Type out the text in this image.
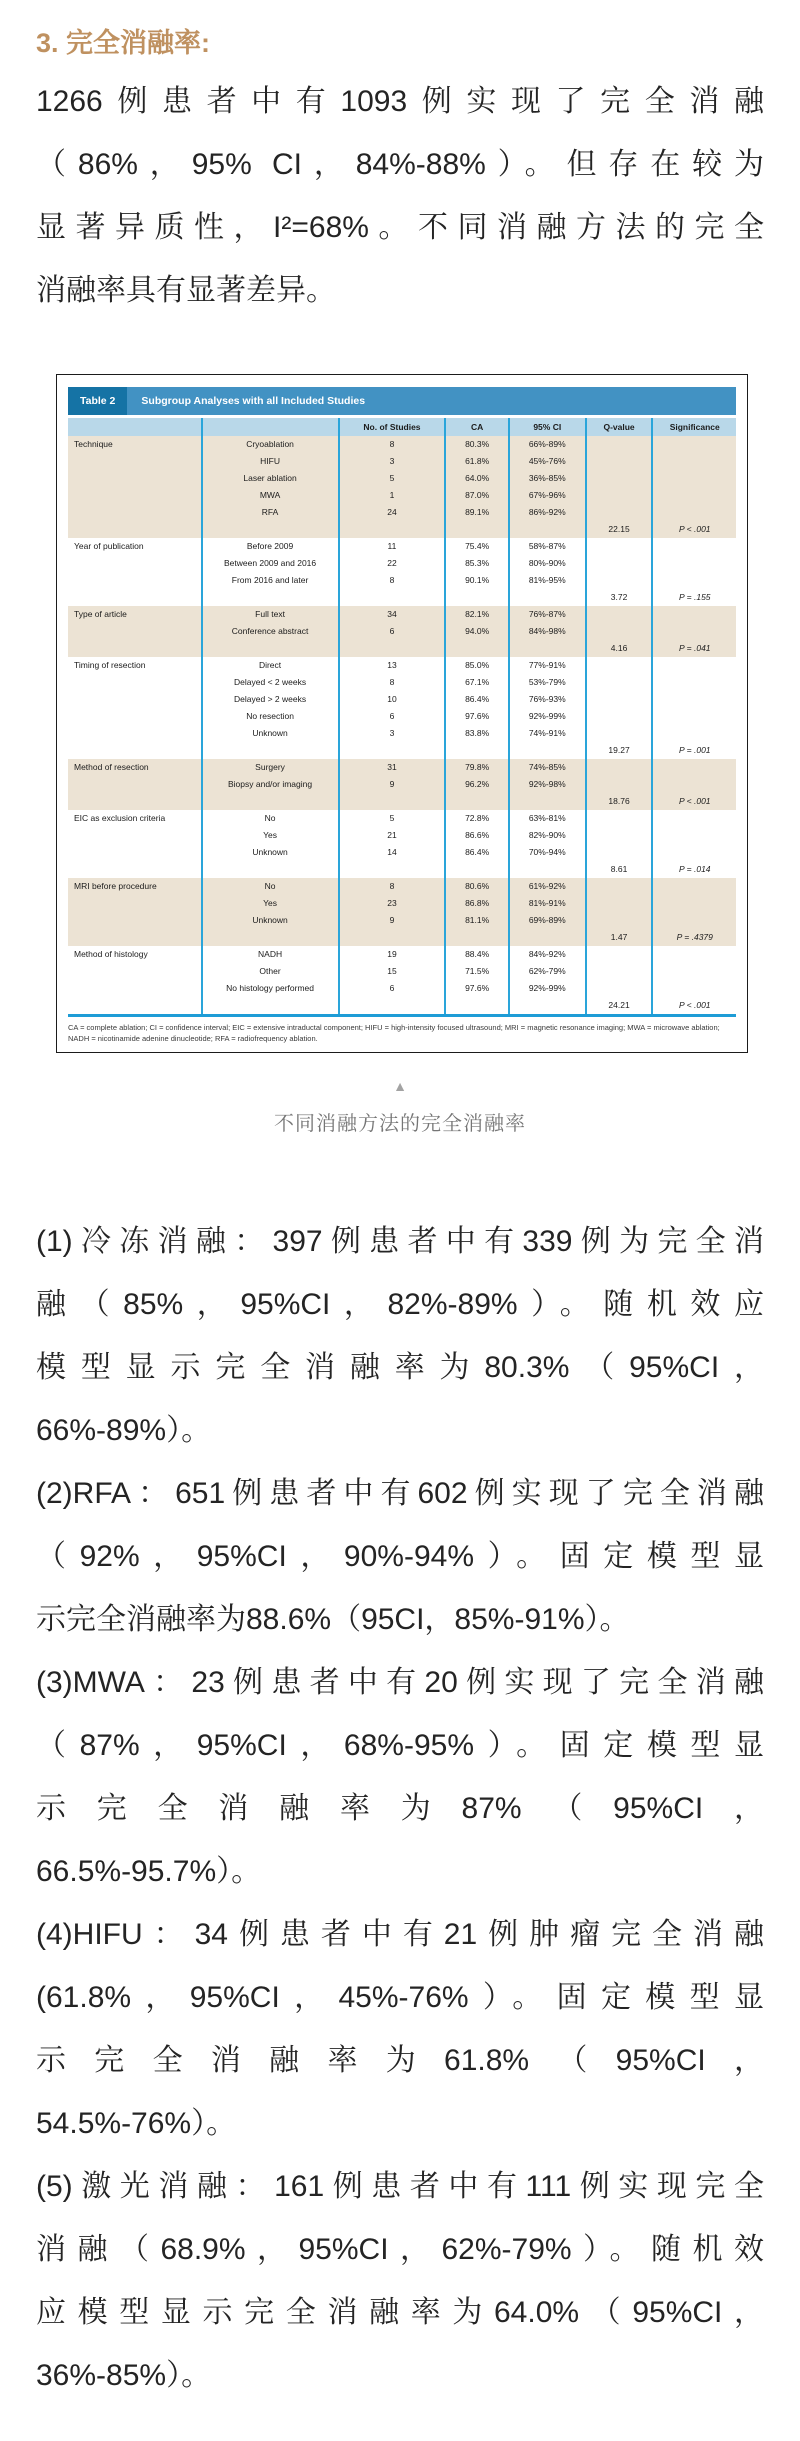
3. 完全消融率:
1266例患者中有1093例实现了完全消融
（86%，95% CI，84%-88%）。但存在较为
显著异质性，I²=68%。不同消融方法的完全
消融率具有显著差异。
Table 2	Subgroup Analyses with all Included Studies
		No. of Studies	CA	95% CI	Q-value	Significance
Technique	Cryoablation	8	80.3%	66%-89%		
	HIFU	3	61.8%	45%-76%		
	Laser ablation	5	64.0%	36%-85%		
	MWA	1	87.0%	67%-96%		
	RFA	24	89.1%	86%-92%		
					22.15	P < .001
Year of publication	Before 2009	11	75.4%	58%-87%		
	Between 2009 and 2016	22	85.3%	80%-90%		
	From 2016 and later	8	90.1%	81%-95%		
					3.72	P = .155
Type of article	Full text	34	82.1%	76%-87%		
	Conference abstract	6	94.0%	84%-98%		
					4.16	P = .041
Timing of resection	Direct	13	85.0%	77%-91%		
	Delayed < 2 weeks	8	67.1%	53%-79%		
	Delayed > 2 weeks	10	86.4%	76%-93%		
	No resection	6	97.6%	92%-99%		
	Unknown	3	83.8%	74%-91%		
					19.27	P = .001
Method of resection	Surgery	31	79.8%	74%-85%		
	Biopsy and/or imaging	9	96.2%	92%-98%		
					18.76	P < .001
EIC as exclusion criteria	No	5	72.8%	63%-81%		
	Yes	21	86.6%	82%-90%		
	Unknown	14	86.4%	70%-94%		
					8.61	P = .014
MRI before procedure	No	8	80.6%	61%-92%		
	Yes	23	86.8%	81%-91%		
	Unknown	9	81.1%	69%-89%		
					1.47	P = .4379
Method of histology	NADH	19	88.4%	84%-92%		
	Other	15	71.5%	62%-79%		
	No histology performed	6	97.6%	92%-99%		
					24.21	P < .001
CA = complete ablation; CI = confidence interval; EIC = extensive intraductal component; HIFU = high-intensity focused ultrasound; MRI = magnetic resonance imaging; MWA = microwave ablation; NADH = nicotinamide adenine dinucleotide; RFA = radiofrequency ablation.
▲
不同消融方法的完全消融率
(1)冷冻消融：397例患者中有339例为完全消
融（85%，95%CI，82%-89%）。随机效应
模型显示完全消融率为80.3%（95%CI，
66%-89%）。
(2)RFA：651例患者中有602例实现了完全消融
（92%，95%CI，90%-94%）。固定模型显
示完全消融率为88.6%（95CI，85%-91%）。
(3)MWA：23例患者中有20例实现了完全消融
（87%，95%CI，68%-95%）。固定模型显
示完全消融率为87%（95%CI，
66.5%-95.7%）。
(4)HIFU：34例患者中有21例肿瘤完全消融
(61.8%，95%CI，45%-76%）。固定模型显
示完全消融率为61.8%（95%CI，
54.5%-76%）。
(5)激光消融：161例患者中有111例实现完全
消融（68.9%，95%CI，62%-79%）。随机效
应模型显示完全消融率为64.0%（95%CI，
36%-85%）。
